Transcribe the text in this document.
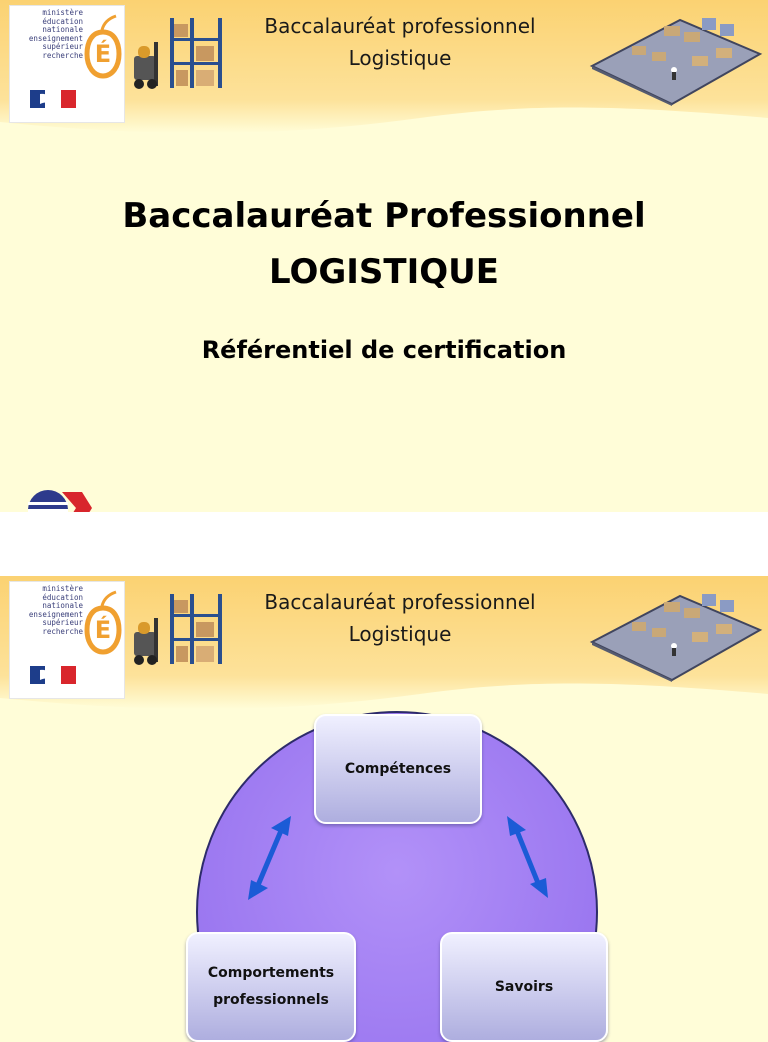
ministère
éducation
nationale
enseignement
supérieur
recherche É
Baccalauréat professionnel
Logistique
Baccalauréat Professionnel
LOGISTIQUE
Référentiel de certification
ministère
éducation
nationale
enseignement
supérieur
recherche É
Baccalauréat professionnel
Logistique
Compétences
Comportements
professionnels
Savoirs
